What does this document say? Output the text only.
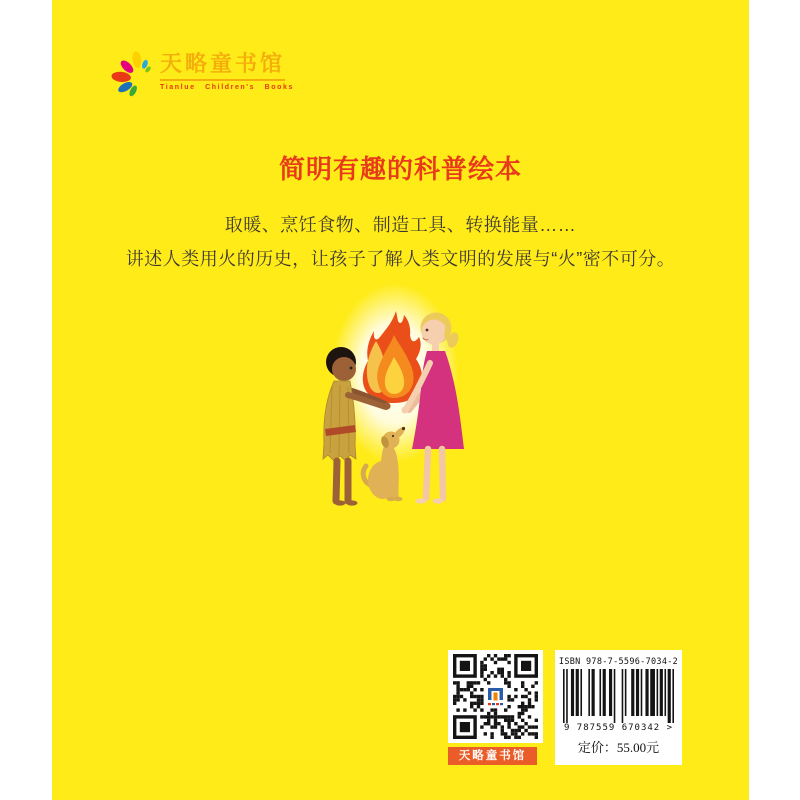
天略童书馆
Tianlue Children's Books
简明有趣的科普绘本
取暖、烹饪食物、制造工具、转换能量……
讲述人类用火的历史，让孩子了解人类文明的发展与“火”密不可分。
天略童书馆
ISBN 978-7-5596-7034-2
9 787559 670342 >
定价：55.00元
